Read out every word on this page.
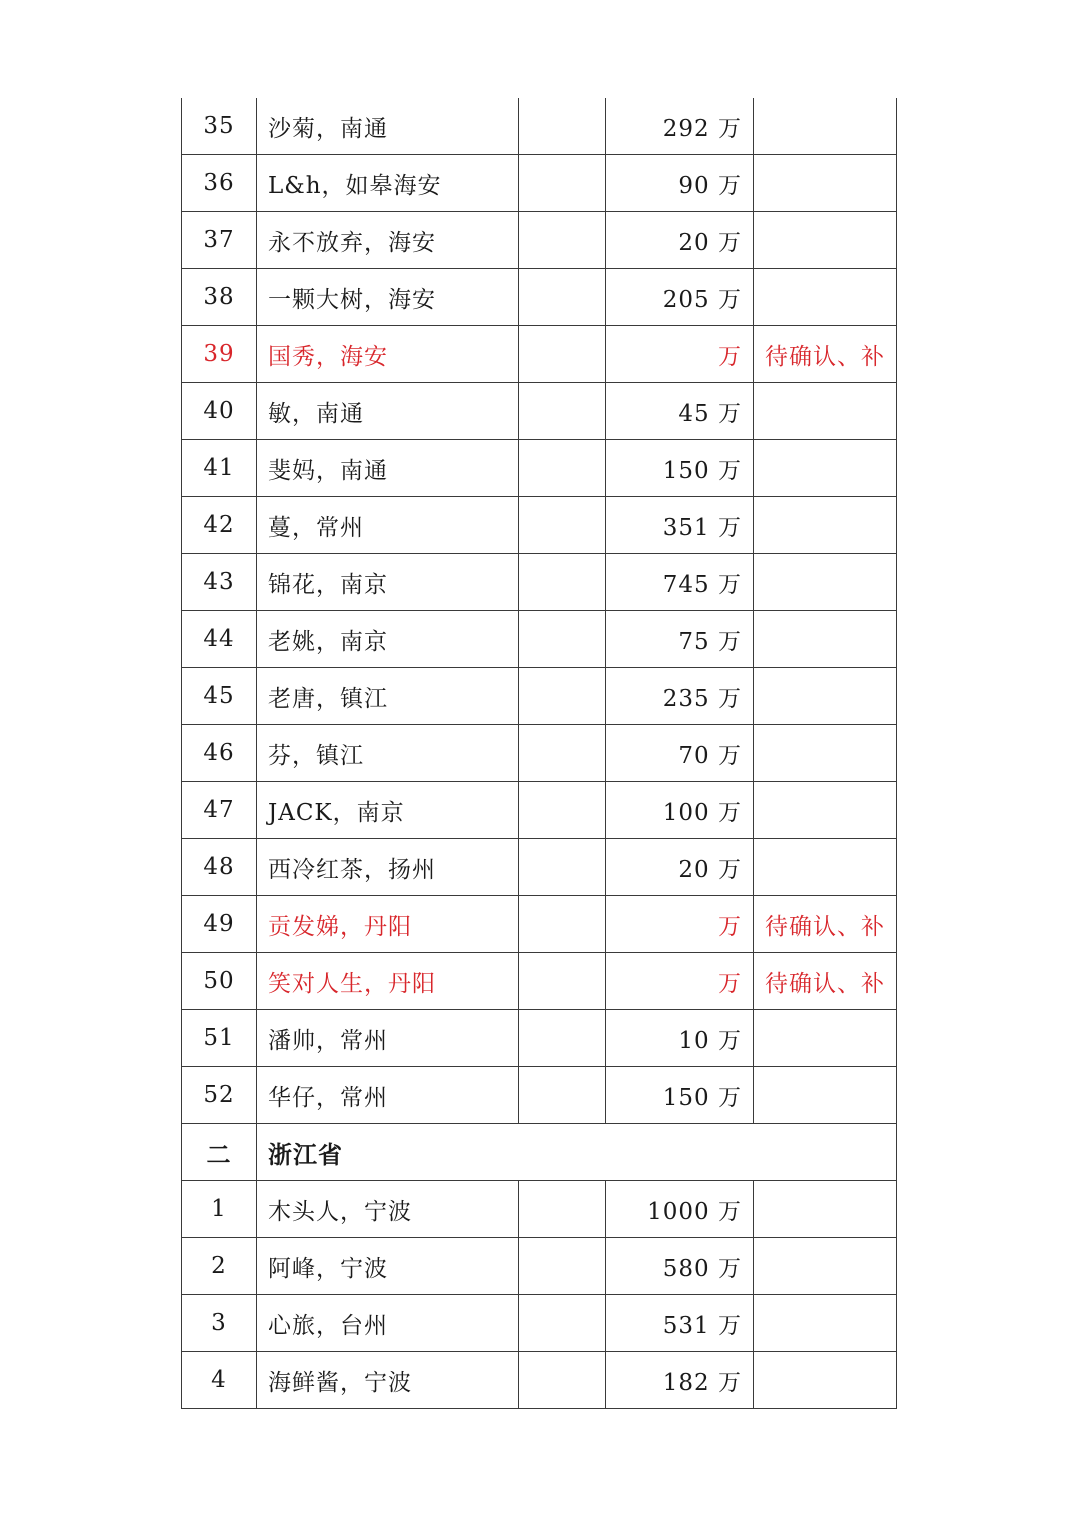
35	沙菊，南通		292 万	
36	L&h，如皋海安		90 万	
37	永不放弃，海安		20 万	
38	一颗大树，海安		205 万	
39	国秀，海安		万	待确认、补
40	敏，南通		45 万	
41	斐妈，南通		150 万	
42	蔓，常州		351 万	
43	锦花，南京		745 万	
44	老姚，南京		75 万	
45	老唐，镇江		235 万	
46	芬，镇江		70 万	
47	JACK，南京		100 万	
48	西冷红茶，扬州		20 万	
49	贡发娣，丹阳		万	待确认、补
50	笑对人生，丹阳		万	待确认、补
51	潘帅，常州		10 万	
52	华仔，常州		150 万	
二	浙江省			
1	木头人，宁波		1000 万	
2	阿峰，宁波		580 万	
3	心旅，台州		531 万	
4	海鲜酱，宁波		182 万	
